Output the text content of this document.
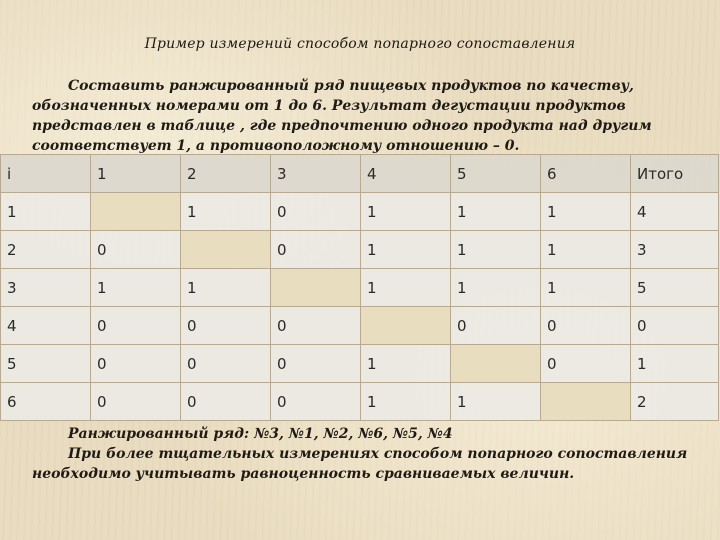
Пример измерений способом попарного сопоставления
Составить ранжированный ряд пищевых продуктов по качеству, обозначенных номерами от 1 до 6. Результат дегустации продуктов представлен в таблице , где предпочтению одного продукта над другим соответствует 1, а противоположному отношению – 0.
i	1	2	3	4	5	6	Итого
1		1	0	1	1	1	4
2	0		0	1	1	1	3
3	1	1		1	1	1	5
4	0	0	0		0	0	0
5	0	0	0	1		0	1
6	0	0	0	1	1		2
Ранжированный ряд: №3, №1, №2, №6, №5, №4
При более тщательных измерениях способом попарного сопоставления
необходимо учитывать равноценность сравниваемых величин.
